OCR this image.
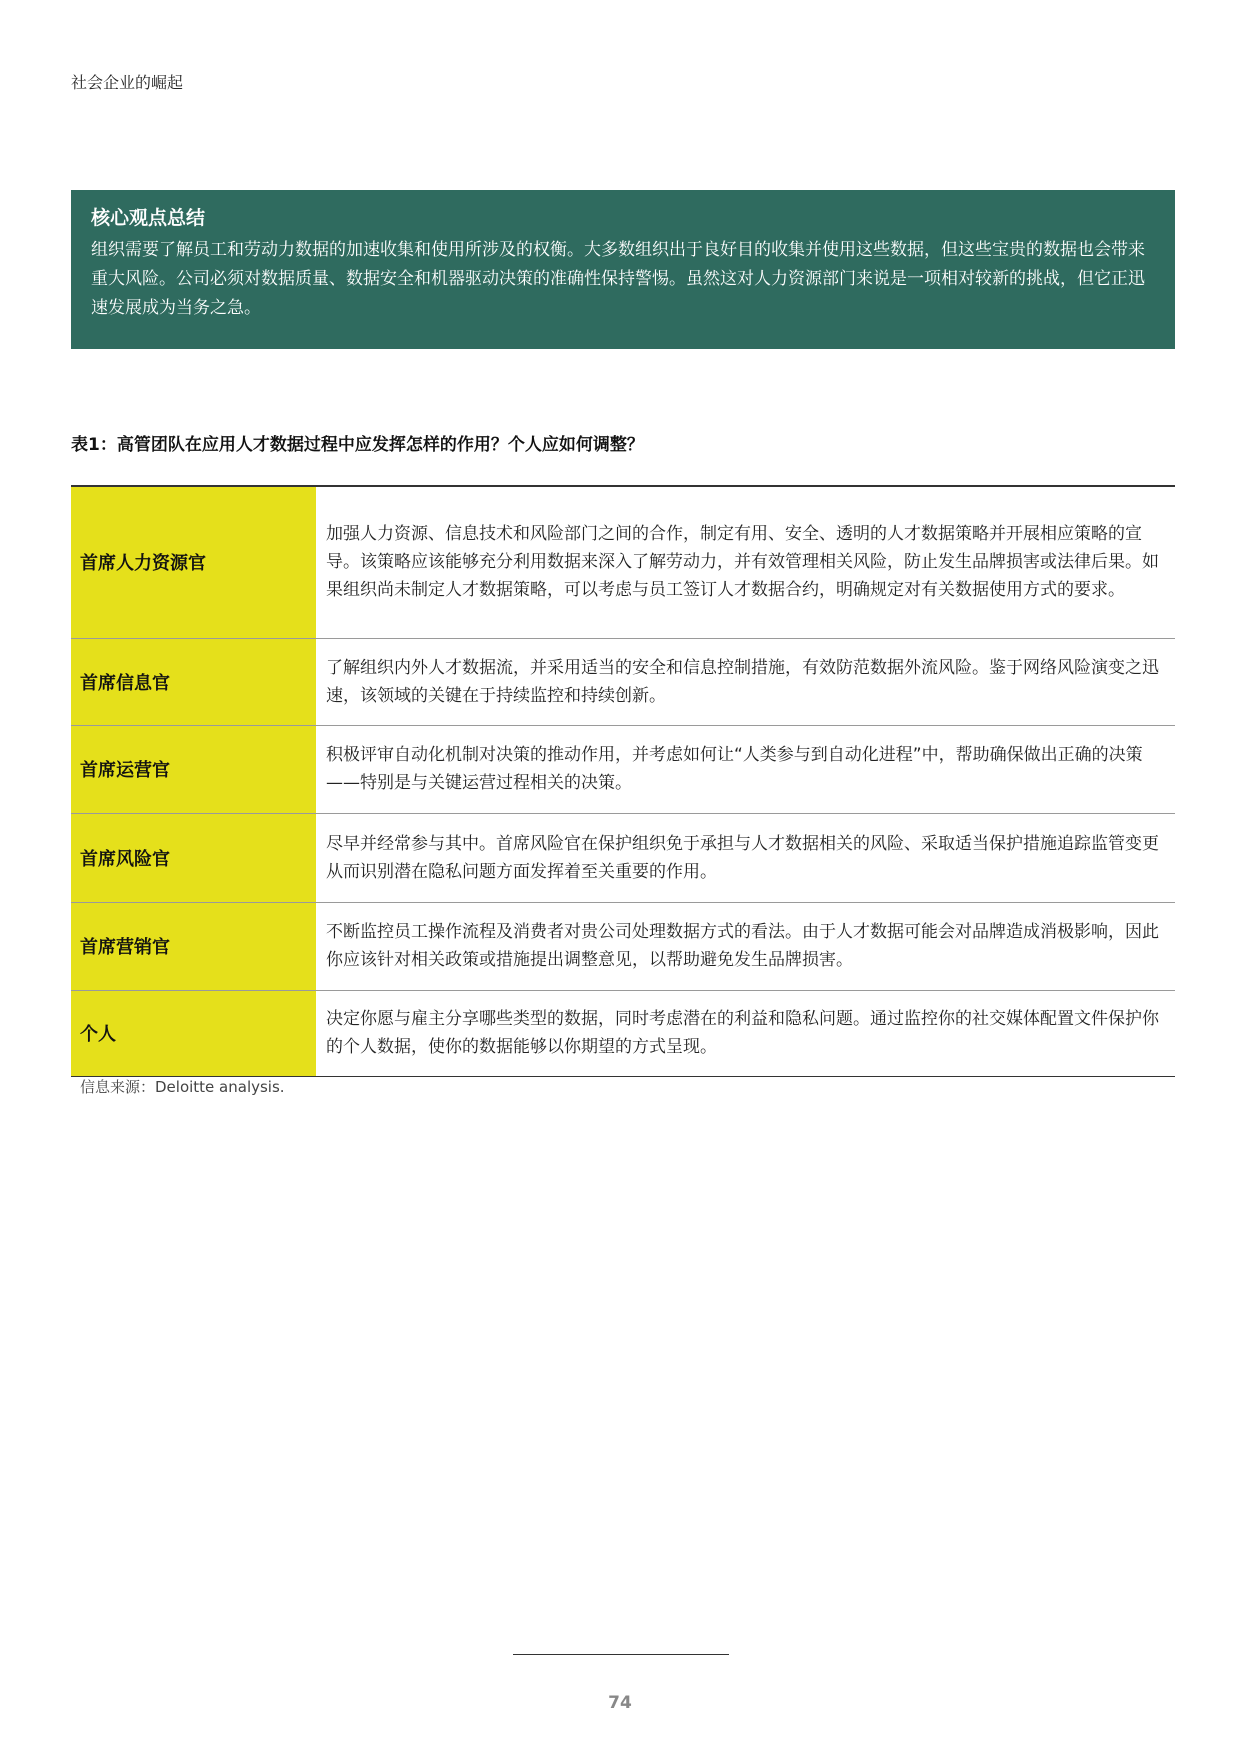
社会企业的崛起
核心观点总结
组织需要了解员工和劳动力数据的加速收集和使用所涉及的权衡。大多数组织出于良好目的收集并使用这些数据，但这些宝贵的数据也会带来重大风险。公司必须对数据质量、数据安全和机器驱动决策的准确性保持警惕。虽然这对人力资源部门来说是一项相对较新的挑战，但它正迅速发展成为当务之急。
表1：高管团队在应用人才数据过程中应发挥怎样的作用？个人应如何调整？
首席人力资源官	加强人力资源、信息技术和风险部门之间的合作，制定有用、安全、透明的人才数据策略并开展相应策略的宣导。该策略应该能够充分利用数据来深入了解劳动力，并有效管理相关风险，防止发生品牌损害或法律后果。如果组织尚未制定人才数据策略，可以考虑与员工签订人才数据合约，明确规定对有关数据使用方式的要求。
首席信息官	了解组织内外人才数据流，并采用适当的安全和信息控制措施，有效防范数据外流风险。鉴于网络风险演变之迅速，该领域的关键在于持续监控和持续创新。
首席运营官	积极评审自动化机制对决策的推动作用，并考虑如何让“人类参与到自动化进程”中，帮助确保做出正确的决策——特别是与关键运营过程相关的决策。
首席风险官	尽早并经常参与其中。首席风险官在保护组织免于承担与人才数据相关的风险、采取适当保护措施追踪监管变更从而识别潜在隐私问题方面发挥着至关重要的作用。
首席营销官	不断监控员工操作流程及消费者对贵公司处理数据方式的看法。由于人才数据可能会对品牌造成消极影响，因此你应该针对相关政策或措施提出调整意见，以帮助避免发生品牌损害。
个人	决定你愿与雇主分享哪些类型的数据，同时考虑潜在的利益和隐私问题。通过监控你的社交媒体配置文件保护你的个人数据，使你的数据能够以你期望的方式呈现。
信息来源：Deloitte analysis.
74
